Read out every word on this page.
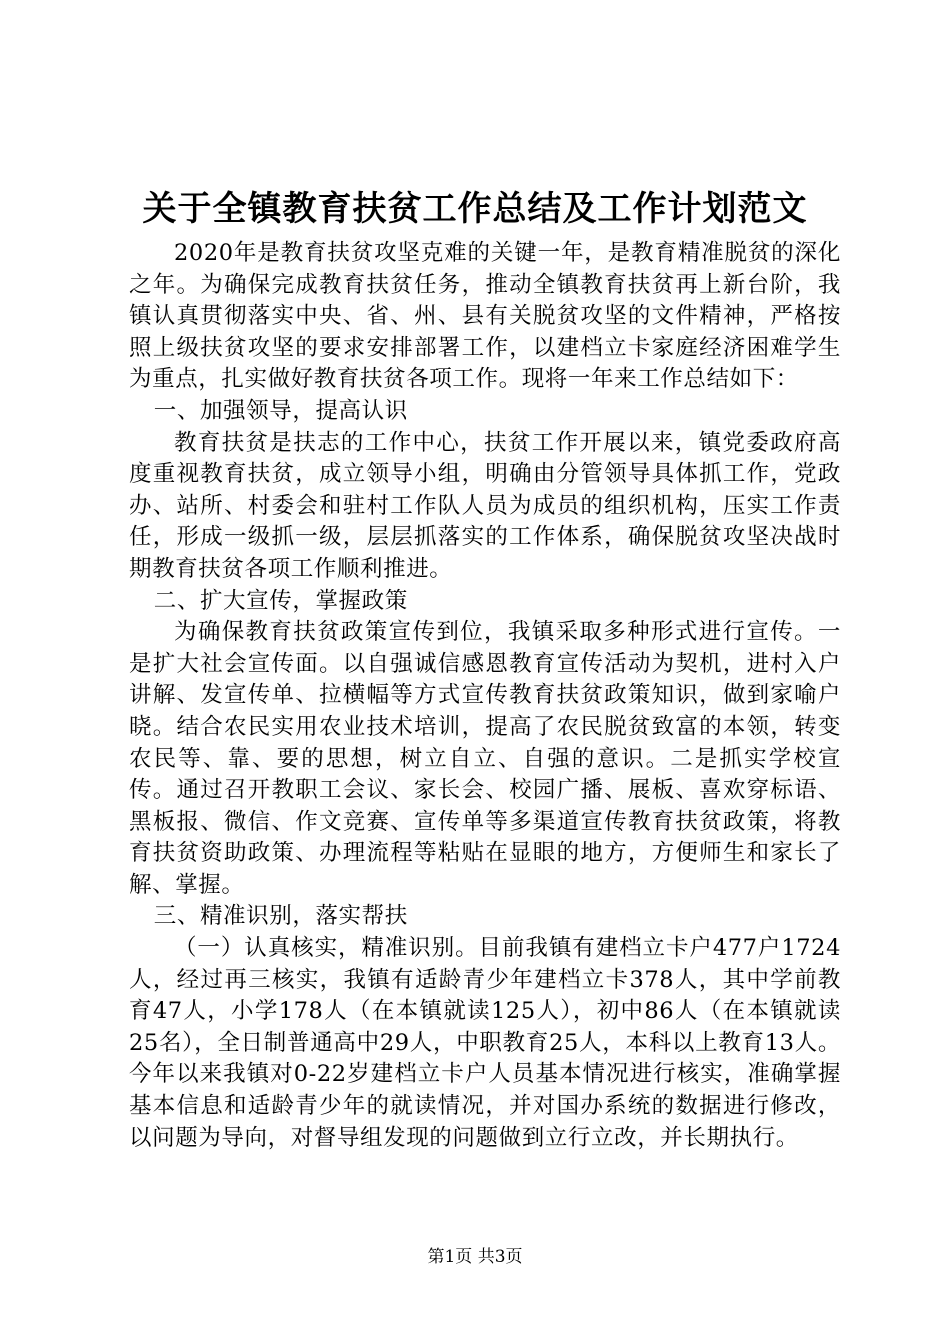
关于全镇教育扶贫工作总结及工作计划范文

2020年是教育扶贫攻坚克难的关键一年，是教育精准脱贫的深化之年。为确保完成教育扶贫任务，推动全镇教育扶贫再上新台阶，我镇认真贯彻落实中央、省、州、县有关脱贫攻坚的文件精神，严格按照上级扶贫攻坚的要求安排部署工作，以建档立卡家庭经济困难学生为重点，扎实做好教育扶贫各项工作。现将一年来工作总结如下：

一、加强领导，提高认识

教育扶贫是扶志的工作中心，扶贫工作开展以来，镇党委政府高度重视教育扶贫，成立领导小组，明确由分管领导具体抓工作，党政办、站所、村委会和驻村工作队人员为成员的组织机构，压实工作责任，形成一级抓一级，层层抓落实的工作体系，确保脱贫攻坚决战时期教育扶贫各项工作顺利推进。

二、扩大宣传，掌握政策

为确保教育扶贫政策宣传到位，我镇采取多种形式进行宣传。一是扩大社会宣传面。以自强诚信感恩教育宣传活动为契机，进村入户讲解、发宣传单、拉横幅等方式宣传教育扶贫政策知识，做到家喻户晓。结合农民实用农业技术培训，提高了农民脱贫致富的本领，转变农民等、靠、要的思想，树立自立、自强的意识。二是抓实学校宣传。通过召开教职工会议、家长会、校园广播、展板、喜欢穿标语、黑板报、微信、作文竞赛、宣传单等多渠道宣传教育扶贫政策，将教育扶贫资助政策、办理流程等粘贴在显眼的地方，方便师生和家长了解、掌握。

三、精准识别，落实帮扶

（一）认真核实，精准识别。目前我镇有建档立卡户477户1724人，经过再三核实，我镇有适龄青少年建档立卡378人，其中学前教育47人，小学178人（在本镇就读125人），初中86人（在本镇就读25名），全日制普通高中29人，中职教育25人，本科以上教育13人。今年以来我镇对0-22岁建档立卡户人员基本情况进行核实，准确掌握基本信息和适龄青少年的就读情况，并对国办系统的数据进行修改，以问题为导向，对督导组发现的问题做到立行立改，并长期执行。

第1页 共3页
